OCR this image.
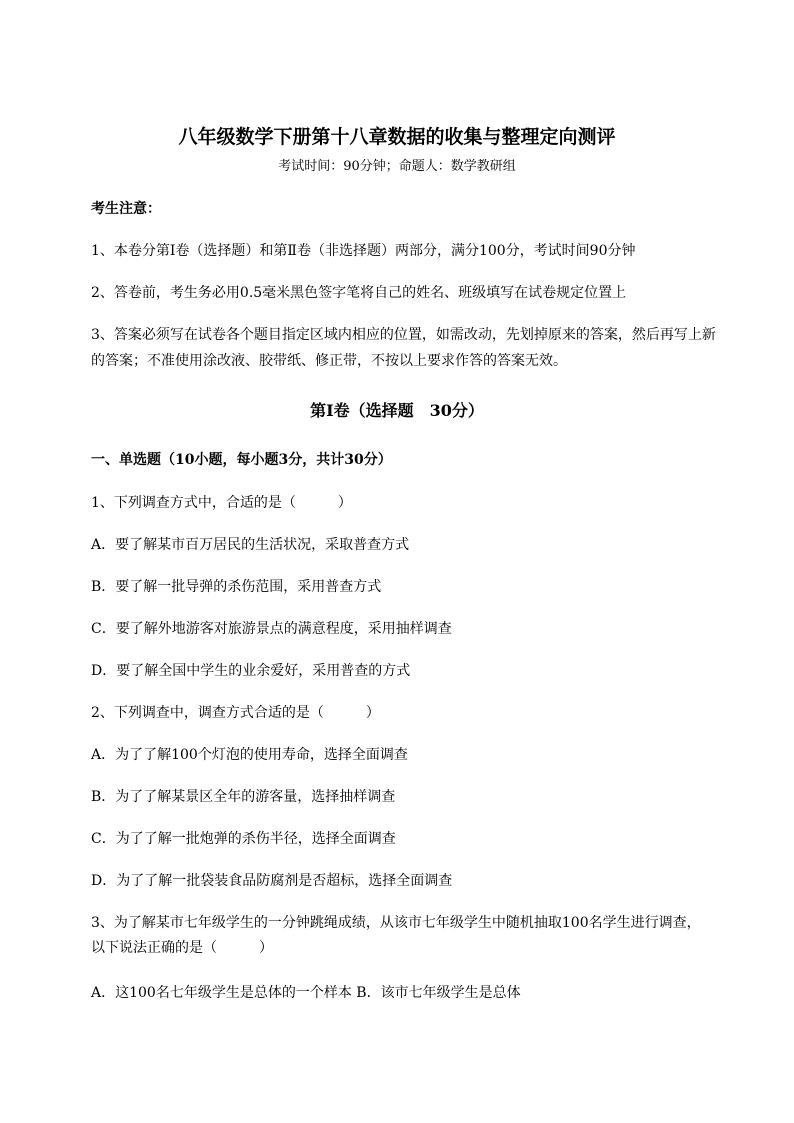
八年级数学下册第十八章数据的收集与整理定向测评
考试时间：90分钟；命题人：数学教研组
考生注意：
1、本卷分第Ⅰ卷（选择题）和第Ⅱ卷（非选择题）两部分，满分100分，考试时间90分钟
2、答卷前，考生务必用0.5毫米黑色签字笔将自己的姓名、班级填写在试卷规定位置上
3、答案必须写在试卷各个题目指定区域内相应的位置，如需改动，先划掉原来的答案，然后再写上新
的答案；不准使用涂改液、胶带纸、修正带，不按以上要求作答的答案无效。
第Ⅰ卷（选择题　30分）
一、单选题（10小题，每小题3分，共计30分）
1、下列调查方式中，合适的是（　　　）
A．要了解某市百万居民的生活状况，采取普查方式
B．要了解一批导弹的杀伤范围，采用普查方式
C．要了解外地游客对旅游景点的满意程度，采用抽样调查
D．要了解全国中学生的业余爱好，采用普查的方式
2、下列调查中，调查方式合适的是（　　　）
A．为了了解100个灯泡的使用寿命，选择全面调查
B．为了了解某景区全年的游客量，选择抽样调查
C．为了了解一批炮弹的杀伤半径，选择全面调查
D．为了了解一批袋装食品防腐剂是否超标，选择全面调查
3、为了解某市七年级学生的一分钟跳绳成绩，从该市七年级学生中随机抽取100名学生进行调查，
以下说法正确的是（　　　）
A．这100名七年级学生是总体的一个样本 B．该市七年级学生是总体
